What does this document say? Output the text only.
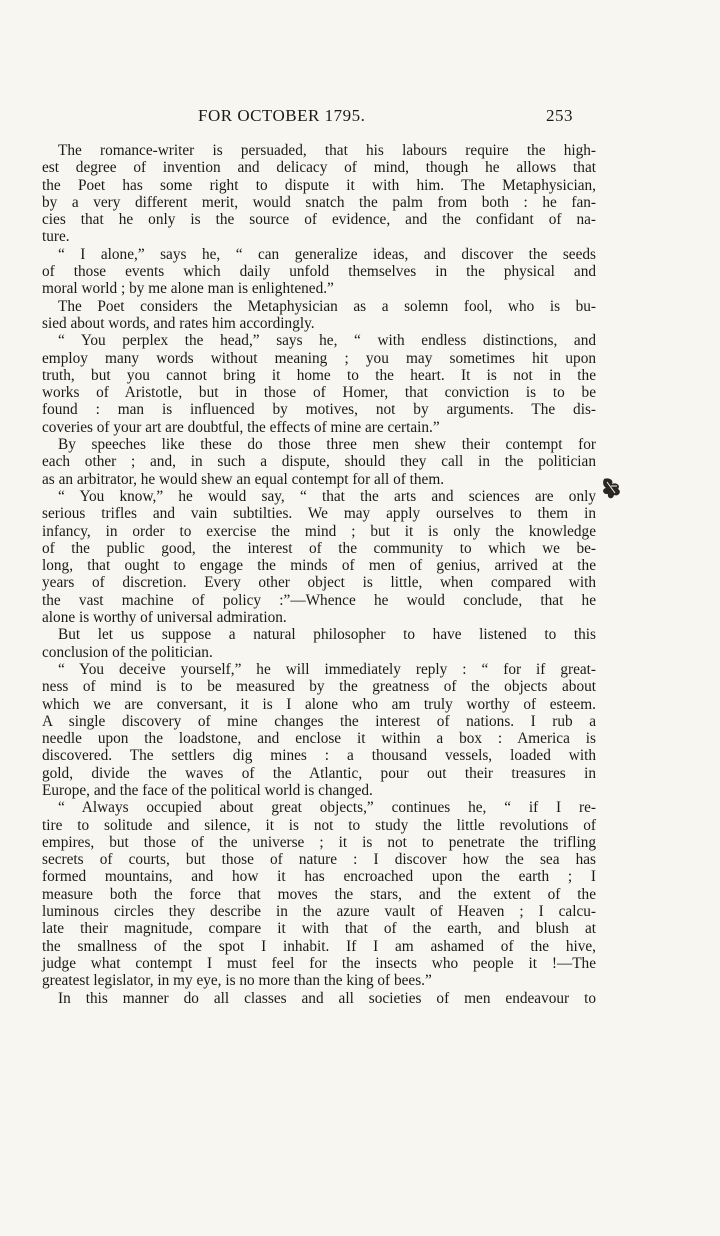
FOR OCTOBER 1795.	253
The romance-writer is persuaded, that his labours require the high-
est degree of invention and delicacy of mind, though he allows that
the Poet has some right to dispute it with him. The Metaphysician,
by a very different merit, would snatch the palm from both : he fan-
cies that he only is the source of evidence, and the confidant of na-
ture.
“ I alone,” says he, “ can generalize ideas, and discover the seeds
of those events which daily unfold themselves in the physical and
moral world ; by me alone man is enlightened.”
The Poet considers the Metaphysician as a solemn fool, who is bu-
sied about words, and rates him accordingly.
“ You perplex the head,” says he, “ with endless distinctions, and
employ many words without meaning ; you may sometimes hit upon
truth, but you cannot bring it home to the heart. It is not in the
works of Aristotle, but in those of Homer, that conviction is to be
found : man is influenced by motives, not by arguments. The dis-
coveries of your art are doubtful, the effects of mine are certain.”
By speeches like these do those three men shew their contempt for
each other ; and, in such a dispute, should they call in the politician
as an arbitrator, he would shew an equal contempt for all of them.
“ You know,” he would say, “ that the arts and sciences are only
serious trifles and vain subtilties. We may apply ourselves to them in
infancy, in order to exercise the mind ; but it is only the knowledge
of the public good, the interest of the community to which we be-
long, that ought to engage the minds of men of genius, arrived at the
years of discretion. Every other object is little, when compared with
the vast machine of policy :”—Whence he would conclude, that he
alone is worthy of universal admiration.
But let us suppose a natural philosopher to have listened to this
conclusion of the politician.
“ You deceive yourself,” he will immediately reply : “ for if great-
ness of mind is to be measured by the greatness of the objects about
which we are conversant, it is I alone who am truly worthy of esteem.
A single discovery of mine changes the interest of nations. I rub a
needle upon the loadstone, and enclose it within a box : America is
discovered. The settlers dig mines : a thousand vessels, loaded with
gold, divide the waves of the Atlantic, pour out their treasures in
Europe, and the face of the political world is changed.
“ Always occupied about great objects,” continues he, “ if I re-
tire to solitude and silence, it is not to study the little revolutions of
empires, but those of the universe ; it is not to penetrate the trifling
secrets of courts, but those of nature : I discover how the sea has
formed mountains, and how it has encroached upon the earth ; I
measure both the force that moves the stars, and the extent of the
luminous circles they describe in the azure vault of Heaven ; I calcu-
late their magnitude, compare it with that of the earth, and blush at
the smallness of the spot I inhabit. If I am ashamed of the hive,
judge what contempt I must feel for the insects who people it !—The
greatest legislator, in my eye, is no more than the king of bees.”
In this manner do all classes and all societies of men endeavour to
